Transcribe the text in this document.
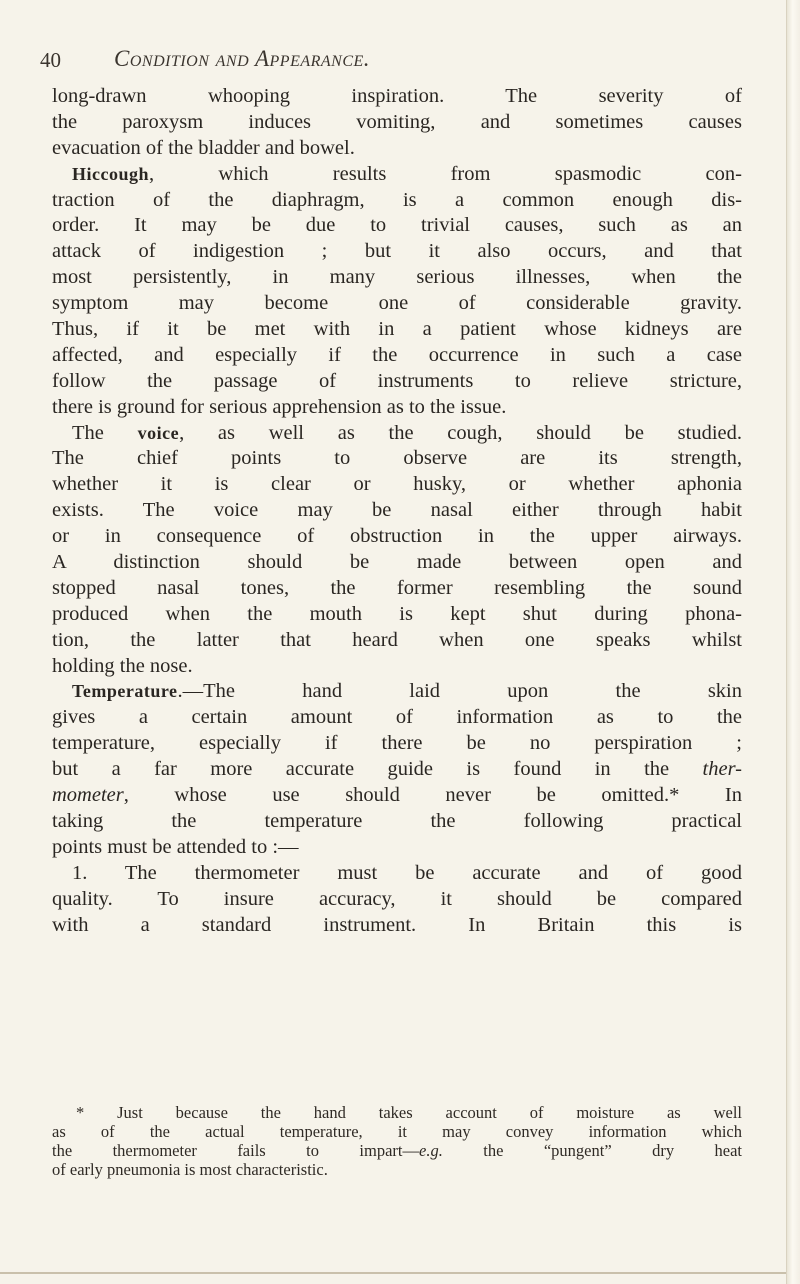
40 Condition and Appearance.
long-drawn whooping inspiration. The severity of
the paroxysm induces vomiting, and sometimes causes
evacuation of the bladder and bowel.
Hiccough, which results from spasmodic con-
traction of the diaphragm, is a common enough dis-
order. It may be due to trivial causes, such as an
attack of indigestion ; but it also occurs, and that
most persistently, in many serious illnesses, when the
symptom may become one of considerable gravity.
Thus, if it be met with in a patient whose kidneys are
affected, and especially if the occurrence in such a case
follow the passage of instruments to relieve stricture,
there is ground for serious apprehension as to the issue.
The voice, as well as the cough, should be studied.
The chief points to observe are its strength,
whether it is clear or husky, or whether aphonia
exists. The voice may be nasal either through habit
or in consequence of obstruction in the upper airways.
A distinction should be made between open and
stopped nasal tones, the former resembling the sound
produced when the mouth is kept shut during phona-
tion, the latter that heard when one speaks whilst
holding the nose.
Temperature.—The hand laid upon the skin
gives a certain amount of information as to the
temperature, especially if there be no perspiration ;
but a far more accurate guide is found in the ther-
mometer, whose use should never be omitted.* In
taking the temperature the following practical
points must be attended to :—
1. The thermometer must be accurate and of good
quality. To insure accuracy, it should be compared
with a standard instrument. In Britain this is
* Just because the hand takes account of moisture as well
as of the actual temperature, it may convey information which
the thermometer fails to impart—e.g. the “pungent” dry heat
of early pneumonia is most characteristic.
